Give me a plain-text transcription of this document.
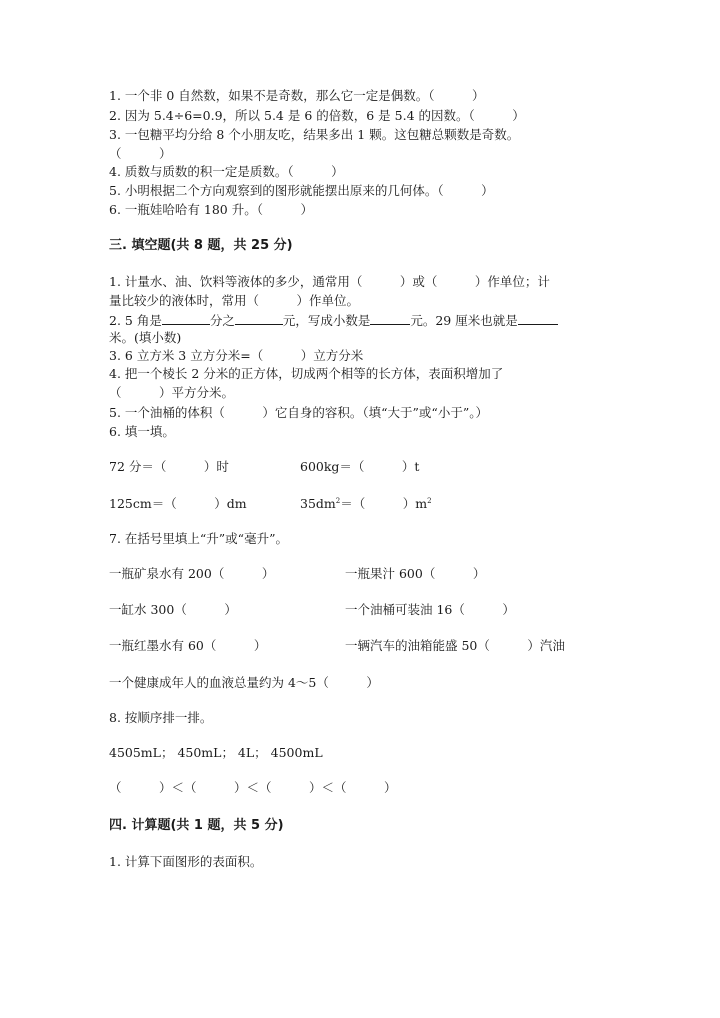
1. 一个非 0 自然数，如果不是奇数，那么它一定是偶数。（　　　）
2. 因为 5.4÷6=0.9，所以 5.4 是 6 的倍数，6 是 5.4 的因数。（　　　）
3. 一包糖平均分给 8 个小朋友吃，结果多出 1 颗。这包糖总颗数是奇数。
（　　　）
4. 质数与质数的积一定是质数。（　　　）
5. 小明根据二个方向观察到的图形就能摆出原来的几何体。（　　　）
6. 一瓶娃哈哈有 180 升。（　　　）
三. 填空题(共 8 题，共 25 分)
1. 计量水、油、饮料等液体的多少，通常用（　　　）或（　　　）作单位；计
量比较少的液体时，常用（　　　）作单位。
2. 5 角是	分之	元，写成小数是	元。29 厘米也就是
米。(填小数)
3. 6 立方米 3 立方分米=（　　　）立方分米
4. 把一个棱长 2 分米的正方体，切成两个相等的长方体，表面积增加了
（　　　）平方分米。
5. 一个油桶的体积（　　　）它自身的容积。（填“大于”或“小于”。）
6. 填一填。
72 分＝（　　　）时	600kg＝（　　　）t
125cm＝（　　　）dm	$35dm^2=$（　　　）$m^2$
7. 在括号里填上“升”或“毫升”。
一瓶矿泉水有 200（　　　）	一瓶果汁 600（　　　）
一缸水 300（　　　）	一个油桶可装油 16（　　　）
一瓶红墨水有 60（　　　）	一辆汽车的油箱能盛 50（　　　）汽油
一个健康成年人的血液总量约为 4～5（　　　）
8. 按顺序排一排。
4505mL； 450mL； 4L； 4500mL
（　　　）＜（　　　）＜（　　　）＜（　　　）
四. 计算题(共 1 题，共 5 分)
1. 计算下面图形的表面积。
